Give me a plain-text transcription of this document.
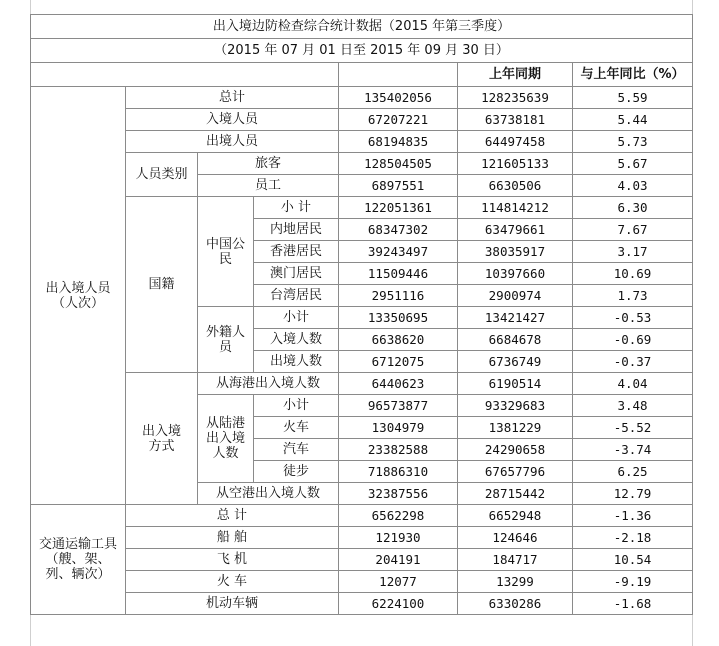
出入境边防检查综合统计数据（2015 年第三季度）						
（2015 年 07 月 01 日至 2015 年 09 月 30 日）						
					上年同期	与上年同比（%）
出入境人员（人次）	总计			135402056	128235639	5.59
	入境人员			67207221	63738181	5.44
	出境人员			68194835	64497458	5.73
	人员类别	旅客		128504505	121605133	5.67
		员工		6897551	6630506	4.03
	国籍	中国公民	小 计	122051361	114814212	6.30
			内地居民	68347302	63479661	7.67
			香港居民	39243497	38035917	3.17
			澳门居民	11509446	10397660	10.69
			台湾居民	2951116	2900974	1.73
		外籍人员	小计	13350695	13421427	-0.53
			入境人数	6638620	6684678	-0.69
			出境人数	6712075	6736749	-0.37
	出入境方式	从海港出入境人数		6440623	6190514	4.04
		从陆港出入境人数	小计	96573877	93329683	3.48
			火车	1304979	1381229	-5.52
			汽车	23382588	24290658	-3.74
			徒步	71886310	67657796	6.25
		从空港出入境人数		32387556	28715442	12.79
交通运输工具（艘、架、列、辆次）	总 计			6562298	6652948	-1.36
	船 舶			121930	124646	-2.18
	飞 机			204191	184717	10.54
	火 车			12077	13299	-9.19
	机动车辆			6224100	6330286	-1.68
